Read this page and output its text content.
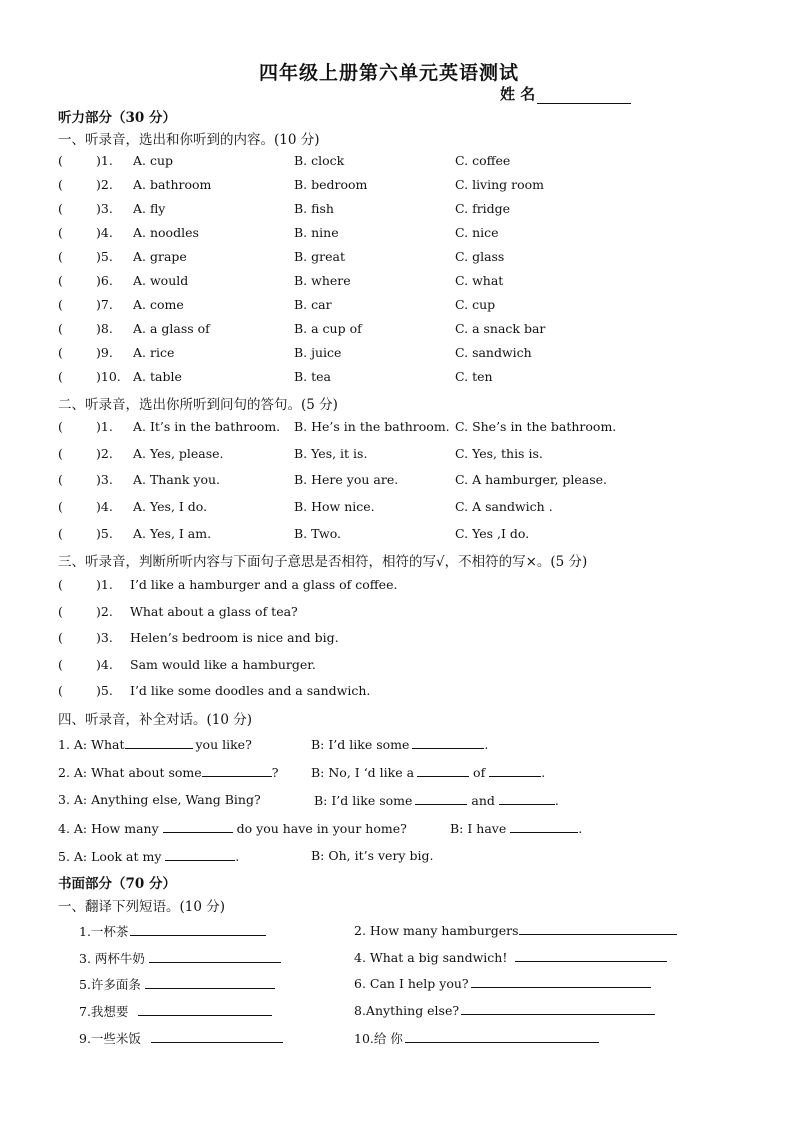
四年级上册第六单元英语测试
姓 名
听力部分（30 分）
一、听录音，选出和你听到的内容。(10 分)
(	)1. A. cup	B. clock	C. coffee
(	)2. A. bathroom	B. bedroom	C. living room
(	)3. A. fly	B. fish	C. fridge
(	)4. A. noodles	B. nine	C. nice
(	)5. A. grape	B. great	C. glass
(	)6. A. would	B. where	C. what
(	)7. A. come	B. car	C. cup
(	)8. A. a glass of	B. a cup of	C. a snack bar
(	)9. A. rice	B. juice	C. sandwich
(	)10. A. table	B. tea	C. ten
二、听录音，选出你所听到问句的答句。(5 分)
(	)1. A. It’s in the bathroom. B. He’s in the bathroom. C. She’s in the bathroom.
(	)2. A. Yes, please.	B. Yes, it is.	C. Yes, this is.
(	)3. A. Thank you.	B. Here you are.	C. A hamburger, please.
(	)4. A. Yes, I do.	B. How nice.	C. A sandwich .
(	)5. A. Yes, I am.	B. Two.	C. Yes ,I do.
三、听录音，判断所听内容与下面句子意思是否相符，相符的写√，不相符的写×。(5 分)
(	)1. I’d like a hamburger and a glass of coffee.
(	)2. What about a glass of tea?
(	)3. Helen’s bedroom is nice and big.
(	)4. Sam would like a hamburger.
(	)5. I’d like some doodles and a sandwich.
四、听录音，补全对话。(10 分)
1. A: What	you like?	B: I’d like some	.
2. A: What about some	?	B: No, I ‘d like a	of	.
3. A: Anything else, Wang Bing?	B: I’d like some	and	.
4. A: How many	do you have in your home?	B: I have	.
5. A: Look at my	.	B: Oh, it’s very big.
书面部分（70 分）
一、翻译下列短语。(10 分)
1.一杯茶	2. How many hamburgers
3. 两杯牛奶	4. What a big sandwich!
5.许多面条	6. Can I help you?
7.我想要	8.Anything else?
9.一些米饭	10.给 你
